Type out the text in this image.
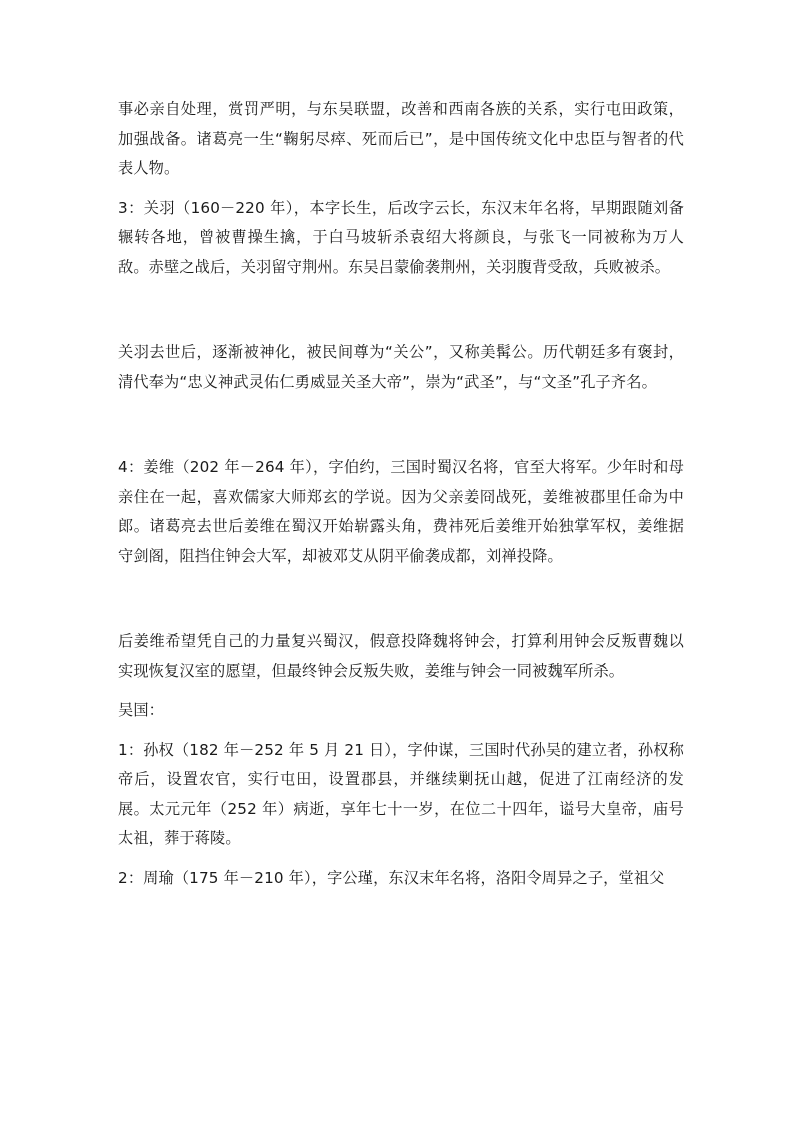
事必亲自处理，赏罚严明，与东吴联盟，改善和西南各族的关系，实行屯田政策，加强战备。诸葛亮一生“鞠躬尽瘁、死而后已”，是中国传统文化中忠臣与智者的代表人物。

3：关羽（160－220 年），本字长生，后改字云长，东汉末年名将，早期跟随刘备辗转各地，曾被曹操生擒，于白马坡斩杀袁绍大将颜良，与张飞一同被称为万人敌。赤壁之战后，关羽留守荆州。东吴吕蒙偷袭荆州，关羽腹背受敌，兵败被杀。

关羽去世后，逐渐被神化，被民间尊为“关公”，又称美髯公。历代朝廷多有褒封，清代奉为“忠义神武灵佑仁勇威显关圣大帝”，崇为“武圣”，与“文圣”孔子齐名。

4：姜维（202 年－264 年），字伯约，三国时蜀汉名将，官至大将军。少年时和母亲住在一起，喜欢儒家大师郑玄的学说。因为父亲姜冏战死，姜维被郡里任命为中郎。诸葛亮去世后姜维在蜀汉开始崭露头角，费祎死后姜维开始独掌军权，姜维据守剑阁，阻挡住钟会大军，却被邓艾从阴平偷袭成都，刘禅投降。

后姜维希望凭自己的力量复兴蜀汉，假意投降魏将钟会，打算利用钟会反叛曹魏以实现恢复汉室的愿望，但最终钟会反叛失败，姜维与钟会一同被魏军所杀。

吴国：

1：孙权（182 年－252 年 5 月 21 日），字仲谋，三国时代孙吴的建立者，孙权称帝后，设置农官，实行屯田，设置郡县，并继续剿抚山越，促进了江南经济的发展。太元元年（252 年）病逝，享年七十一岁，在位二十四年，谥号大皇帝，庙号太祖，葬于蒋陵。

2：周瑜（175 年－210 年），字公瑾，东汉末年名将，洛阳令周异之子，堂祖父
